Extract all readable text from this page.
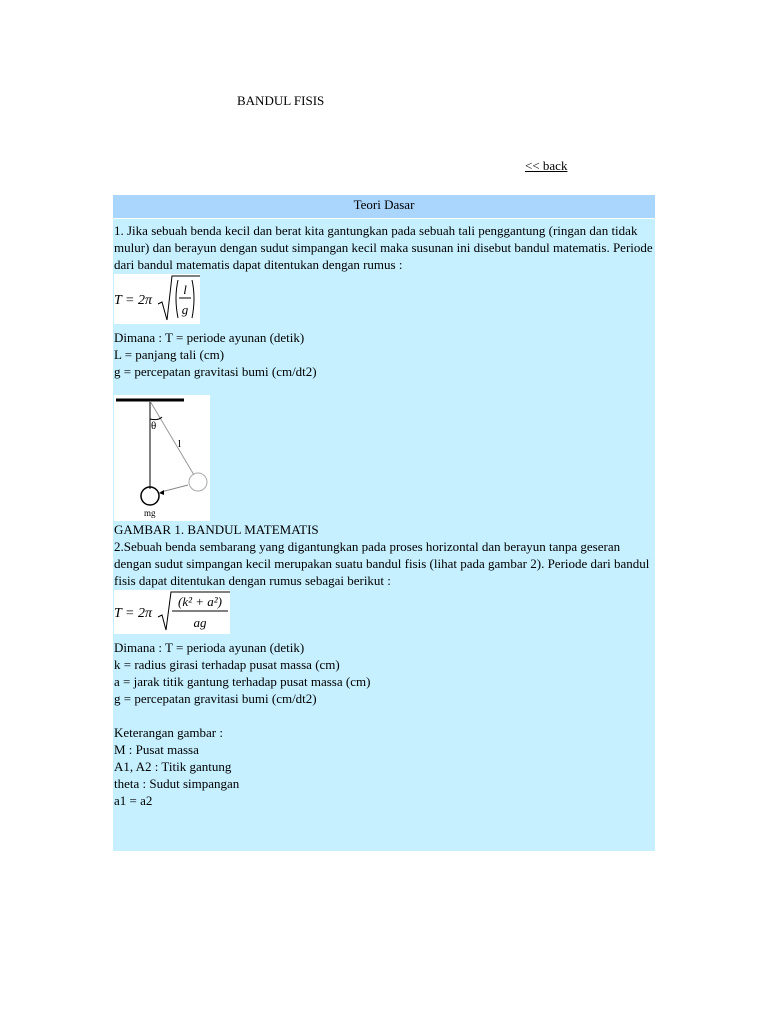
BANDUL FISIS
<< back
Teori Dasar

1. Jika sebuah benda kecil dan berat kita gantungkan pada sebuah tali penggantung (ringan dan tidak mulur) dan berayun dengan sudut simpangan kecil maka susunan ini disebut bandul matematis. Periode dari bandul matematis dapat ditentukan dengan rumus :

T = 2π
l
g

Dimana : T = periode ayunan (detik)

L = panjang tali (cm)

g = percepatan gravitasi bumi (cm/dt2)

θ
l
mg

GAMBAR 1. BANDUL MATEMATIS

2.Sebuah benda sembarang yang digantungkan pada proses horizontal dan berayun tanpa geseran dengan sudut simpangan kecil merupakan suatu bandul fisis (lihat pada gambar 2). Periode dari bandul fisis dapat ditentukan dengan rumus sebagai berikut :

T = 2π
(k² + a²)
ag

Dimana : T = perioda ayunan (detik)

k = radius girasi terhadap pusat massa (cm)

a = jarak titik gantung terhadap pusat massa (cm)

g = percepatan gravitasi bumi (cm/dt2)

Keterangan gambar :

M : Pusat massa

A1, A2 : Titik gantung

theta : Sudut simpangan

a1 = a2
